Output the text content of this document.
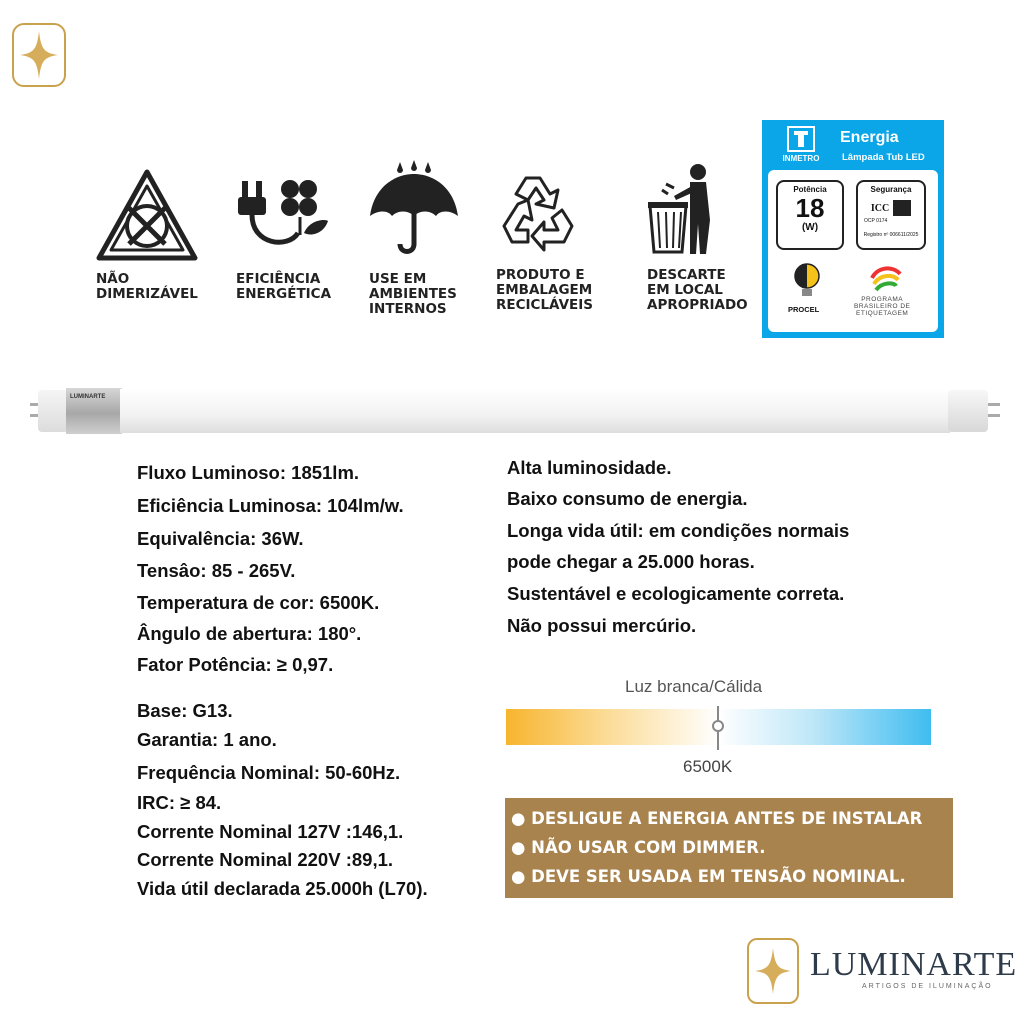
NÃO
DIMERIZÁVEL
EFICIÊNCIA
ENERGÉTICA
USE EM
AMBIENTES
INTERNOS
PRODUTO E
EMBALAGEM
RECICLÁVEIS
DESCARTE
EM LOCAL
APROPRIADO
INMETRO
Energia
Lâmpada Tub LED
Potência
18
(W)
Segurança
ICC
OCP 0174
Registro nº 006611/2025
PROCEL
PROGRAMA
BRASILEIRO DE
ETIQUETAGEM
LUMINARTE
Fluxo Luminoso: 1851lm.
Eficiência Luminosa: 104lm/w.
Equivalência: 36W.
Tensâo: 85 - 265V.
Temperatura de cor: 6500K.
Ângulo de abertura: 180°.
Fator Potência: ≥ 0,97.
Base: G13.
Garantia: 1 ano.
Frequência Nominal: 50-60Hz.
IRC: ≥ 84.
Corrente Nominal 127V :146,1.
Corrente Nominal 220V :89,1.
Vida útil declarada 25.000h (L70).
Alta luminosidade.
Baixo consumo de energia.
Longa vida útil: em condições normais
pode chegar a 25.000 horas.
Sustentável e ecologicamente correta.
Não possui mercúrio.
Luz branca/Cálida
6500K
● DESLIGUE A ENERGIA ANTES DE INSTALAR
● NÃO USAR COM DIMMER.
● DEVE SER USADA EM TENSÃO NOMINAL.
LUMINARTE
ARTIGOS DE ILUMINAÇÃO
